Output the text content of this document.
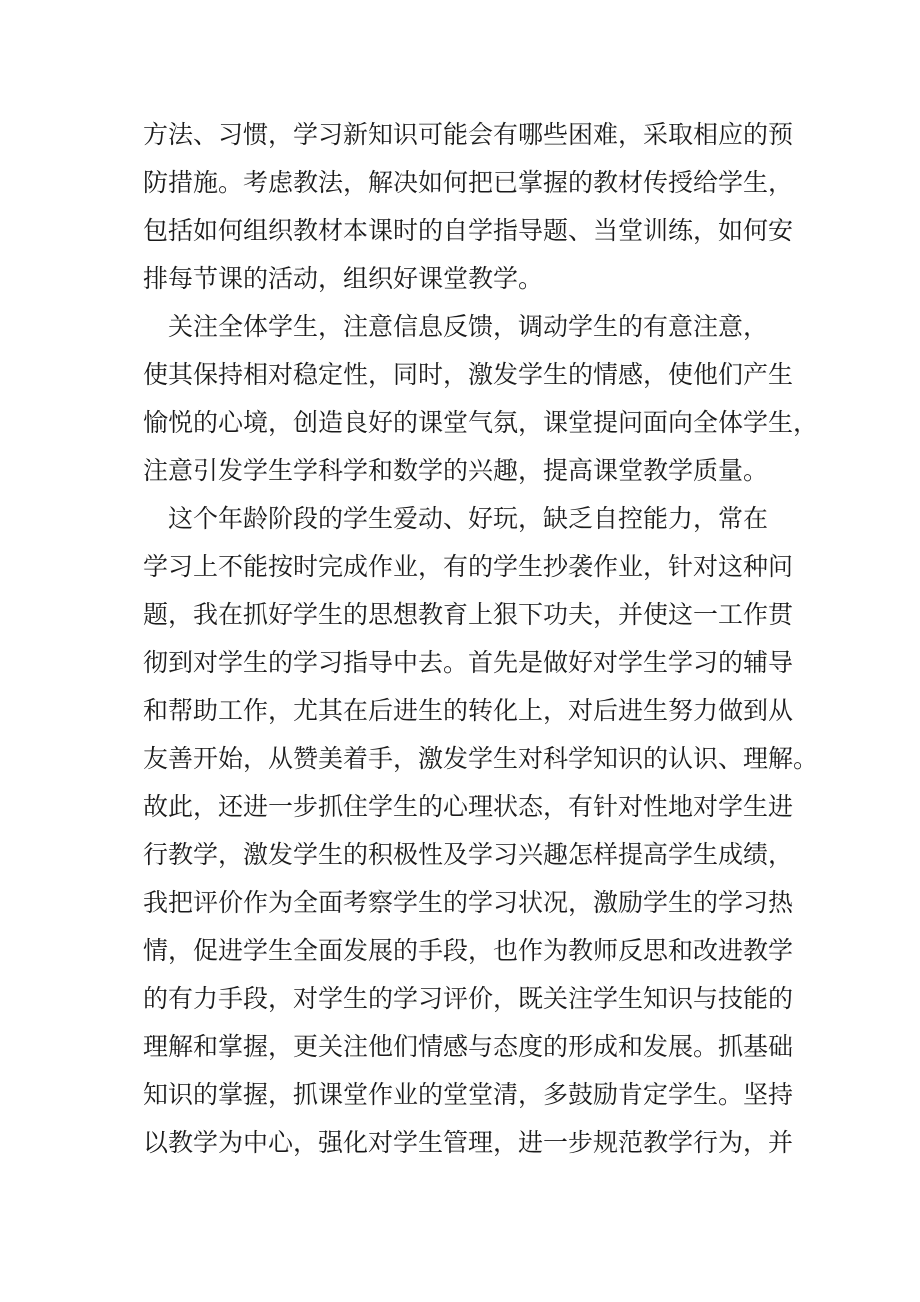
方法、习惯，学习新知识可能会有哪些困难，采取相应的预
防措施。考虑教法，解决如何把已掌握的教材传授给学生，
包括如何组织教材本课时的自学指导题、当堂训练，如何安
排每节课的活动，组织好课堂教学。
　关注全体学生，注意信息反馈，调动学生的有意注意，
使其保持相对稳定性，同时，激发学生的情感，使他们产生
愉悦的心境，创造良好的课堂气氛，课堂提问面向全体学生，
注意引发学生学科学和数学的兴趣，提高课堂教学质量。
　这个年龄阶段的学生爱动、好玩，缺乏自控能力，常在
学习上不能按时完成作业，有的学生抄袭作业，针对这种问
题，我在抓好学生的思想教育上狠下功夫，并使这一工作贯
彻到对学生的学习指导中去。首先是做好对学生学习的辅导
和帮助工作，尤其在后进生的转化上，对后进生努力做到从
友善开始，从赞美着手，激发学生对科学知识的认识、理解。
故此，还进一步抓住学生的心理状态，有针对性地对学生进
行教学，激发学生的积极性及学习兴趣怎样提高学生成绩，
我把评价作为全面考察学生的学习状况，激励学生的学习热
情，促进学生全面发展的手段，也作为教师反思和改进教学
的有力手段，对学生的学习评价，既关注学生知识与技能的
理解和掌握，更关注他们情感与态度的形成和发展。抓基础
知识的掌握，抓课堂作业的堂堂清，多鼓励肯定学生。坚持
以教学为中心，强化对学生管理，进一步规范教学行为，并
